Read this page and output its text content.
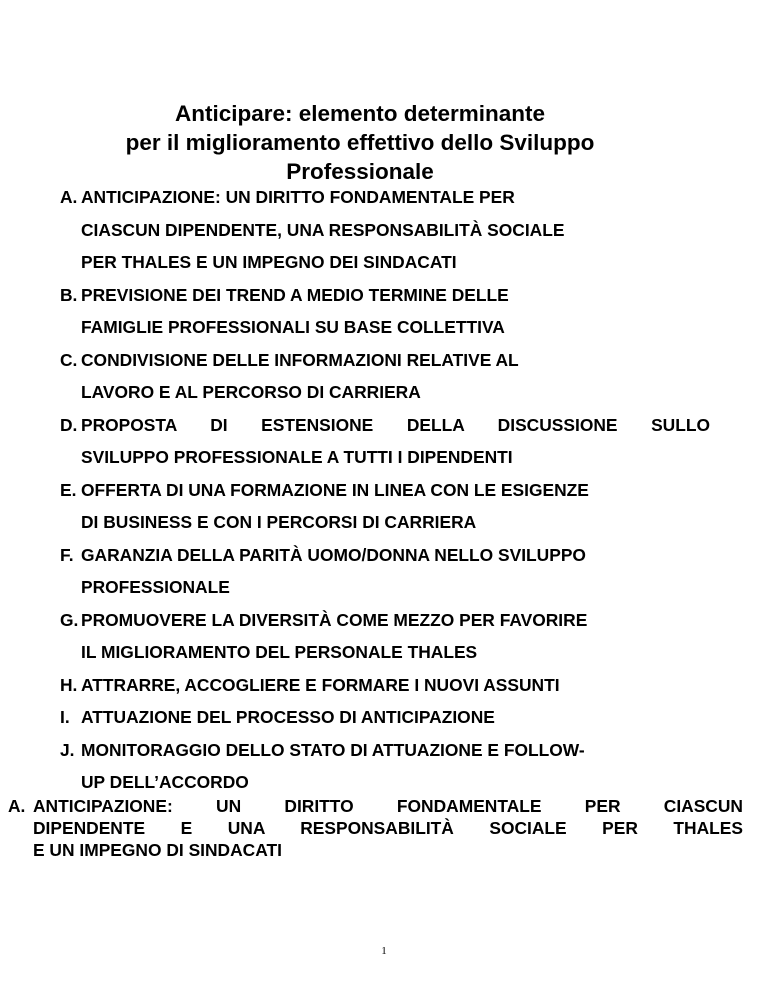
Anticipare: elemento determinante
per il miglioramento effettivo dello Sviluppo
Professionale
A. ANTICIPAZIONE: UN DIRITTO FONDAMENTALE PER
CIASCUN DIPENDENTE, UNA RESPONSABILITÀ SOCIALE
PER THALES E UN IMPEGNO DEI SINDACATI
B. PREVISIONE DEI TREND A MEDIO TERMINE DELLE
FAMIGLIE PROFESSIONALI SU BASE COLLETTIVA
C. CONDIVISIONE DELLE INFORMAZIONI RELATIVE AL
LAVORO E AL PERCORSO DI CARRIERA
D. PROPOSTA DI ESTENSIONE DELLA DISCUSSIONE SULLO
SVILUPPO PROFESSIONALE A TUTTI I DIPENDENTI
E. OFFERTA DI UNA FORMAZIONE IN LINEA CON LE ESIGENZE
DI BUSINESS E CON I PERCORSI DI CARRIERA
F. GARANZIA DELLA PARITÀ UOMO/DONNA NELLO SVILUPPO
PROFESSIONALE
G. PROMUOVERE LA DIVERSITÀ COME MEZZO PER FAVORIRE
IL MIGLIORAMENTO DEL PERSONALE THALES
H. ATTRARRE, ACCOGLIERE E FORMARE I NUOVI ASSUNTI
I. ATTUAZIONE DEL PROCESSO DI ANTICIPAZIONE
J. MONITORAGGIO DELLO STATO DI ATTUAZIONE E FOLLOW-
UP DELL’ACCORDO
A. ANTICIPAZIONE: UN DIRITTO FONDAMENTALE PER CIASCUN
DIPENDENTE E UNA RESPONSABILITÀ SOCIALE PER THALES
E UN IMPEGNO DI SINDACATI
1
